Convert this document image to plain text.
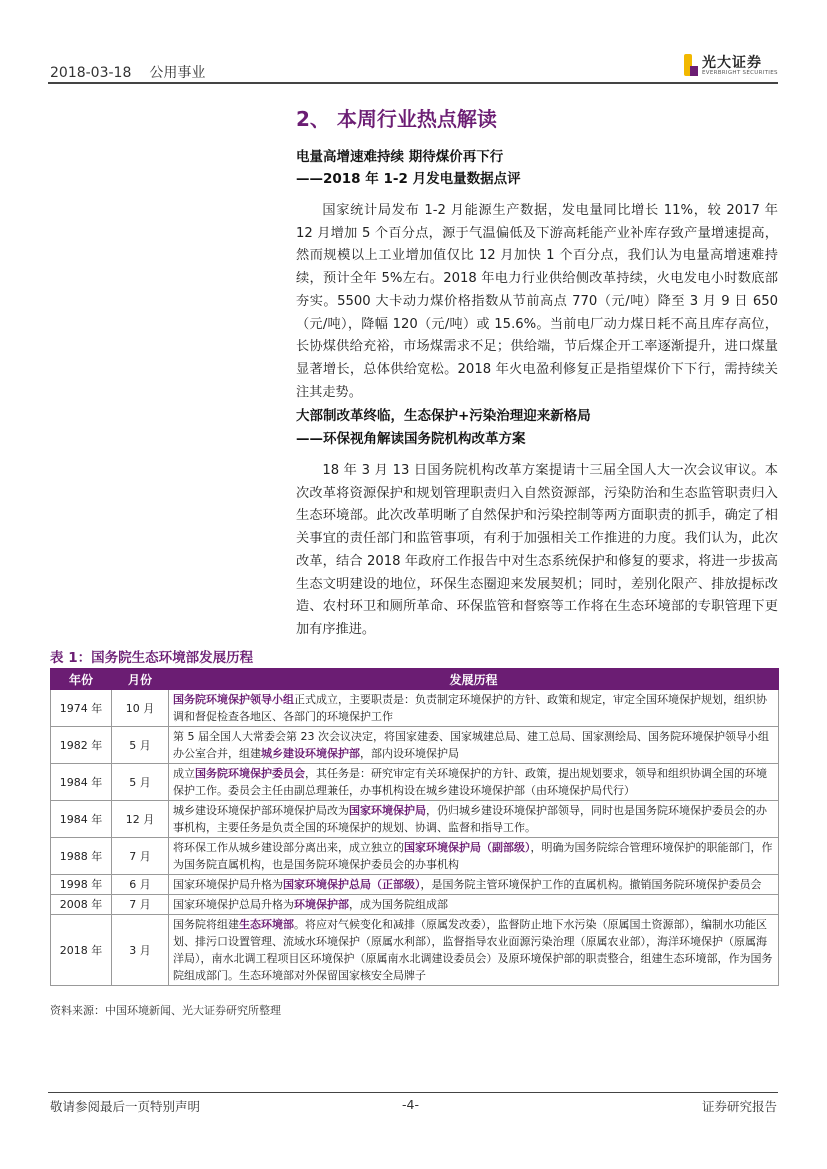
2018-03-18 公用事业
光大证券
EVERBRIGHT SECURITIES
2、 本周行业热点解读
电量高增速难持续 期待煤价再下行
——2018 年 1-2 月发电量数据点评
国家统计局发布 1-2 月能源生产数据，发电量同比增长 11%，较 2017 年 12 月增加 5 个百分点，源于气温偏低及下游高耗能产业补库存致产量增速提高，然而规模以上工业增加值仅比 12 月加快 1 个百分点，我们认为电量高增速难持续，预计全年 5%左右。2018 年电力行业供给侧改革持续，火电发电小时数底部夯实。5500 大卡动力煤价格指数从节前高点 770（元/吨）降至 3 月 9 日 650（元/吨），降幅 120（元/吨）或 15.6%。当前电厂动力煤日耗不高且库存高位，长协煤供给充裕，市场煤需求不足；供给端，节后煤企开工率逐渐提升，进口煤量显著增长，总体供给宽松。2018 年火电盈利修复正是指望煤价下下行，需持续关注其走势。
大部制改革终临，生态保护+污染治理迎来新格局
——环保视角解读国务院机构改革方案
18 年 3 月 13 日国务院机构改革方案提请十三届全国人大一次会议审议。本次改革将资源保护和规划管理职责归入自然资源部，污染防治和生态监管职责归入生态环境部。此次改革明晰了自然保护和污染控制等两方面职责的抓手，确定了相关事宜的责任部门和监管事项，有利于加强相关工作推进的力度。我们认为，此次改革，结合 2018 年政府工作报告中对生态系统保护和修复的要求，将进一步拔高生态文明建设的地位，环保生态圈迎来发展契机；同时，差别化限产、排放提标改造、农村环卫和厕所革命、环保监管和督察等工作将在生态环境部的专职管理下更加有序推进。
表 1：国务院生态环境部发展历程
年份	月份	发展历程
1974 年	10 月	国务院环境保护领导小组正式成立，主要职责是：负责制定环境保护的方针、政策和规定，审定全国环境保护规划，组织协调和督促检查各地区、各部门的环境保护工作
1982 年	5 月	第 5 届全国人大常委会第 23 次会议决定，将国家建委、国家城建总局、建工总局、国家测绘局、国务院环境保护领导小组办公室合并，组建城乡建设环境保护部，部内设环境保护局
1984 年	5 月	成立国务院环境保护委员会，其任务是：研究审定有关环境保护的方针、政策，提出规划要求，领导和组织协调全国的环境保护工作。委员会主任由副总理兼任，办事机构设在城乡建设环境保护部（由环境保护局代行）
1984 年	12 月	城乡建设环境保护部环境保护局改为国家环境保护局，仍归城乡建设环境保护部领导，同时也是国务院环境保护委员会的办事机构，主要任务是负责全国的环境保护的规划、协调、监督和指导工作。
1988 年	7 月	将环保工作从城乡建设部分离出来，成立独立的国家环境保护局（副部级），明确为国务院综合管理环境保护的职能部门，作为国务院直属机构，也是国务院环境保护委员会的办事机构
1998 年	6 月	国家环境保护局升格为国家环境保护总局（正部级），是国务院主管环境保护工作的直属机构。撤销国务院环境保护委员会
2008 年	7 月	国家环境保护总局升格为环境保护部，成为国务院组成部
2018 年	3 月	国务院将组建生态环境部。将应对气候变化和减排（原属发改委），监督防止地下水污染（原属国土资源部），编制水功能区划、排污口设置管理、流域水环境保护（原属水利部），监督指导农业面源污染治理（原属农业部），海洋环境保护（原属海洋局），南水北调工程项目区环境保护（原属南水北调建设委员会）及原环境保护部的职责整合，组建生态环境部，作为国务院组成部门。生态环境部对外保留国家核安全局牌子
资料来源：中国环境新闻、光大证券研究所整理
敬请参阅最后一页特别声明	-4-	证券研究报告
